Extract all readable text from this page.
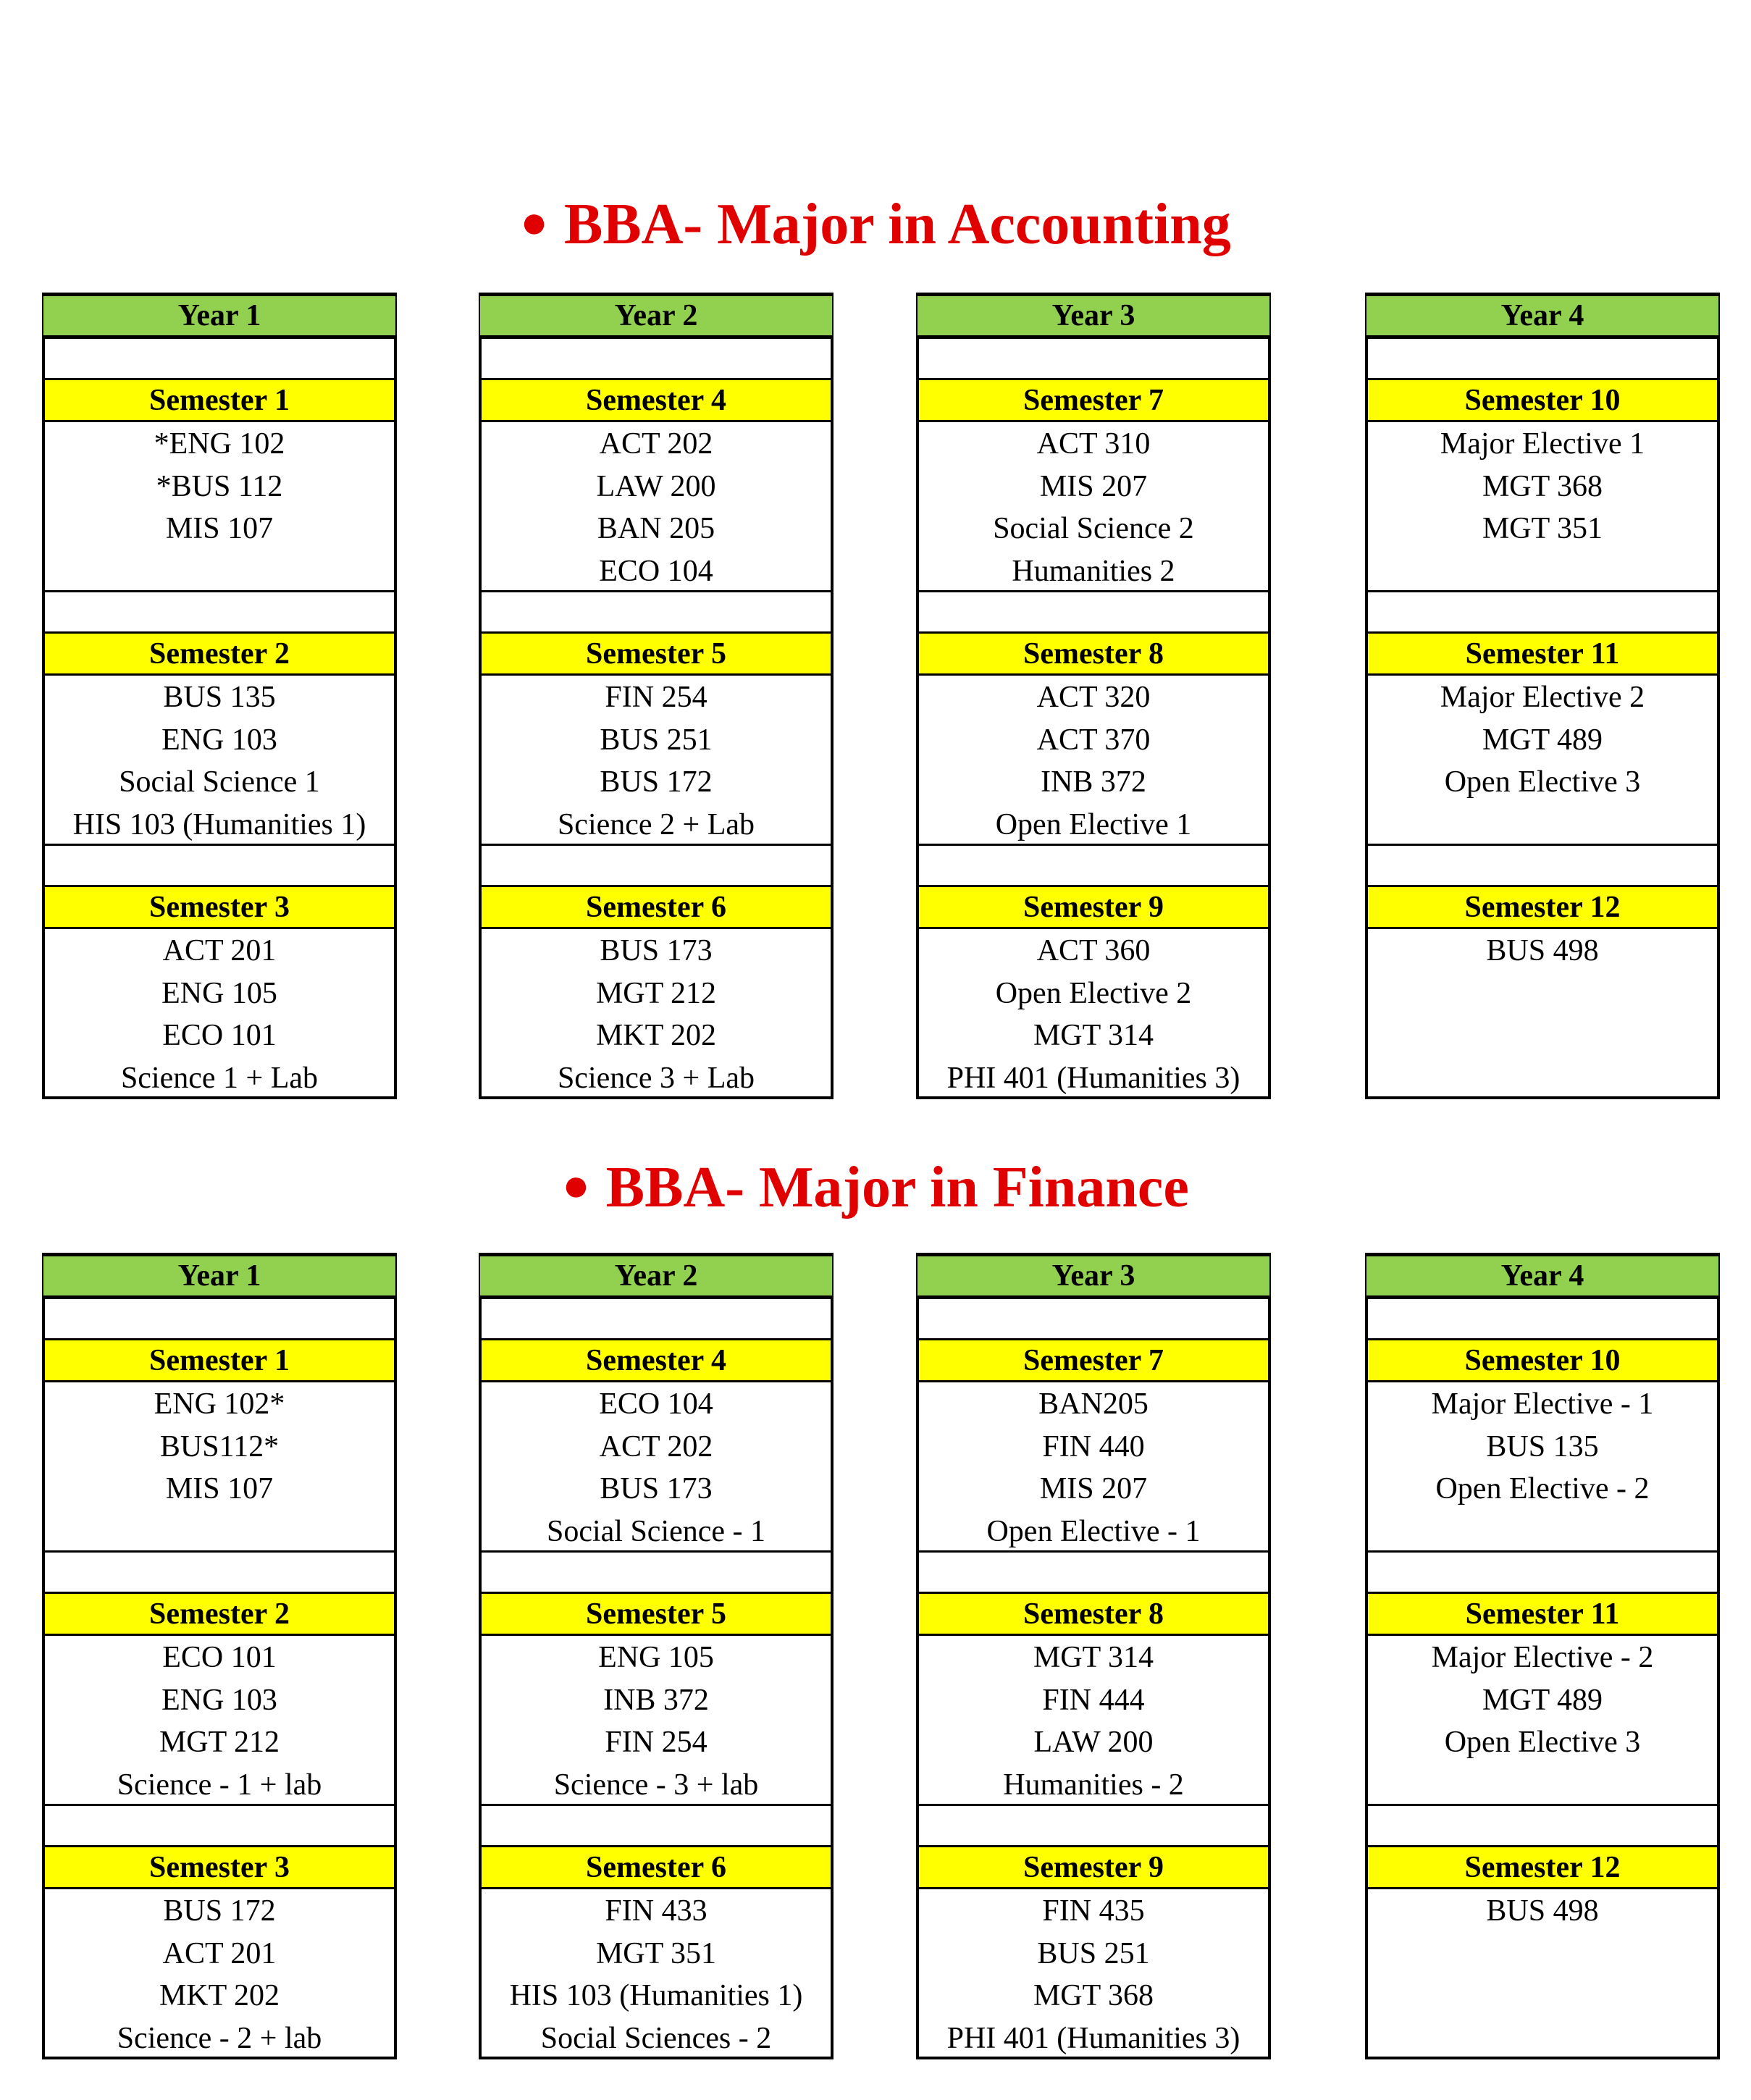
● BBA- Major in Accounting
Year 1
Semester 1
*ENG 102
*BUS 112
MIS 107
Semester 2
BUS 135
ENG 103
Social Science 1
HIS 103 (Humanities 1)
Semester 3
ACT 201
ENG 105
ECO 101
Science 1 + Lab
Year 2
Semester 4
ACT 202
LAW 200
BAN 205
ECO 104
Semester 5
FIN 254
BUS 251
BUS 172
Science 2 + Lab
Semester 6
BUS 173
MGT 212
MKT 202
Science 3 + Lab
Year 3
Semester 7
ACT 310
MIS 207
Social Science 2
Humanities 2
Semester 8
ACT 320
ACT 370
INB 372
Open Elective 1
Semester 9
ACT 360
Open Elective 2
MGT 314
PHI 401 (Humanities 3)
Year 4
Semester 10
Major Elective 1
MGT 368
MGT 351
Semester 11
Major Elective 2
MGT 489
Open Elective 3
Semester 12
BUS 498
● BBA- Major in Finance
Year 1
Semester 1
ENG 102*
BUS112*
MIS 107
Semester 2
ECO 101
ENG 103
MGT 212
Science - 1 + lab
Semester 3
BUS 172
ACT 201
MKT 202
Science - 2 + lab
Year 2
Semester 4
ECO 104
ACT 202
BUS 173
Social Science - 1
Semester 5
ENG 105
INB 372
FIN 254
Science - 3 + lab
Semester 6
FIN 433
MGT 351
HIS 103 (Humanities 1)
Social Sciences - 2
Year 3
Semester 7
BAN205
FIN 440
MIS 207
Open Elective - 1
Semester 8
MGT 314
FIN 444
LAW 200
Humanities - 2
Semester 9
FIN 435
BUS 251
MGT 368
PHI 401 (Humanities 3)
Year 4
Semester 10
Major Elective - 1
BUS 135
Open Elective - 2
Semester 11
Major Elective - 2
MGT 489
Open Elective 3
Semester 12
BUS 498
